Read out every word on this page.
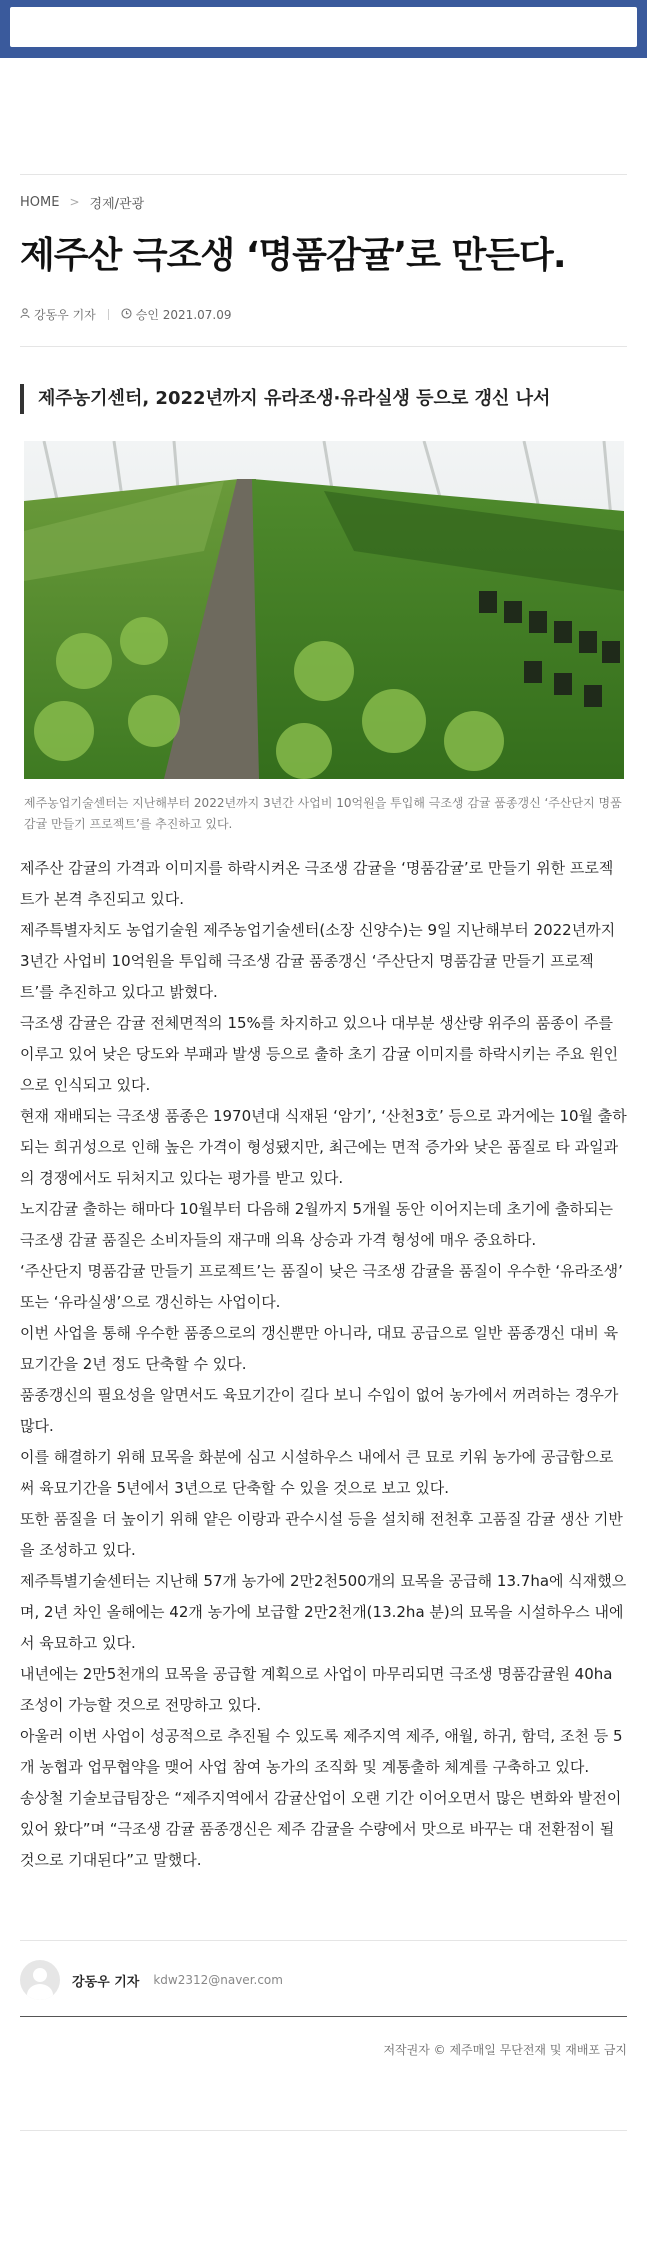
HOME > 경제/관광
제주산 극조생 ‘명품감귤’로 만든다.
강동우 기자	승인 2021.07.09
제주농기센터, 2022년까지 유라조생·유라실생 등으로 갱신 나서
제주농업기술센터는 지난해부터 2022년까지 3년간 사업비 10억원을 투입해 극조생 감귤 품종갱신 ‘주산단지 명품감귤 만들기 프로젝트’를 추진하고 있다.

제주산 감귤의 가격과 이미지를 하락시켜온 극조생 감귤을 ‘명품감귤’로 만들기 위한 프로젝트가 본격 추진되고 있다.

제주특별자치도 농업기술원 제주농업기술센터(소장 신양수)는 9일 지난해부터 2022년까지 3년간 사업비 10억원을 투입해 극조생 감귤 품종갱신 ‘주산단지 명품감귤 만들기 프로젝트’를 추진하고 있다고 밝혔다.

극조생 감귤은 감귤 전체면적의 15%를 차지하고 있으나 대부분 생산량 위주의 품종이 주를 이루고 있어 낮은 당도와 부패과 발생 등으로 출하 초기 감귤 이미지를 하락시키는 주요 원인으로 인식되고 있다.

현재 재배되는 극조생 품종은 1970년대 식재된 ‘암기’, ‘산천3호’ 등으로 과거에는 10월 출하되는 희귀성으로 인해 높은 가격이 형성됐지만, 최근에는 면적 증가와 낮은 품질로 타 과일과의 경쟁에서도 뒤처지고 있다는 평가를 받고 있다.

노지감귤 출하는 해마다 10월부터 다음해 2월까지 5개월 동안 이어지는데 초기에 출하되는 극조생 감귤 품질은 소비자들의 재구매 의욕 상승과 가격 형성에 매우 중요하다.

‘주산단지 명품감귤 만들기 프로젝트’는 품질이 낮은 극조생 감귤을 품질이 우수한 ‘유라조생’ 또는 ‘유라실생’으로 갱신하는 사업이다.

이번 사업을 통해 우수한 품종으로의 갱신뿐만 아니라, 대묘 공급으로 일반 품종갱신 대비 육묘기간을 2년 정도 단축할 수 있다.

품종갱신의 필요성을 알면서도 육묘기간이 길다 보니 수입이 없어 농가에서 꺼려하는 경우가 많다.

이를 해결하기 위해 묘목을 화분에 심고 시설하우스 내에서 큰 묘로 키워 농가에 공급함으로써 육묘기간을 5년에서 3년으로 단축할 수 있을 것으로 보고 있다.

또한 품질을 더 높이기 위해 얕은 이랑과 관수시설 등을 설치해 전천후 고품질 감귤 생산 기반을 조성하고 있다.

제주특별기술센터는 지난해 57개 농가에 2만2천500개의 묘목을 공급해 13.7ha에 식재했으며, 2년 차인 올해에는 42개 농가에 보급할 2만2천개(13.2ha 분)의 묘목을 시설하우스 내에서 육묘하고 있다.

내년에는 2만5천개의 묘목을 공급할 계획으로 사업이 마무리되면 극조생 명품감귤원 40ha 조성이 가능할 것으로 전망하고 있다.

아울러 이번 사업이 성공적으로 추진될 수 있도록 제주지역 제주, 애월, 하귀, 함덕, 조천 등 5개 농협과 업무협약을 맺어 사업 참여 농가의 조직화 및 계통출하 체계를 구축하고 있다.

송상철 기술보급팀장은 “제주지역에서 감귤산업이 오랜 기간 이어오면서 많은 변화와 발전이 있어 왔다”며 “극조생 감귤 품종갱신은 제주 감귤을 수량에서 맛으로 바꾸는 대 전환점이 될 것으로 기대된다”고 말했다.

강동우 기자 kdw2312@naver.com
저작권자 © 제주매일 무단전재 및 재배포 금지
